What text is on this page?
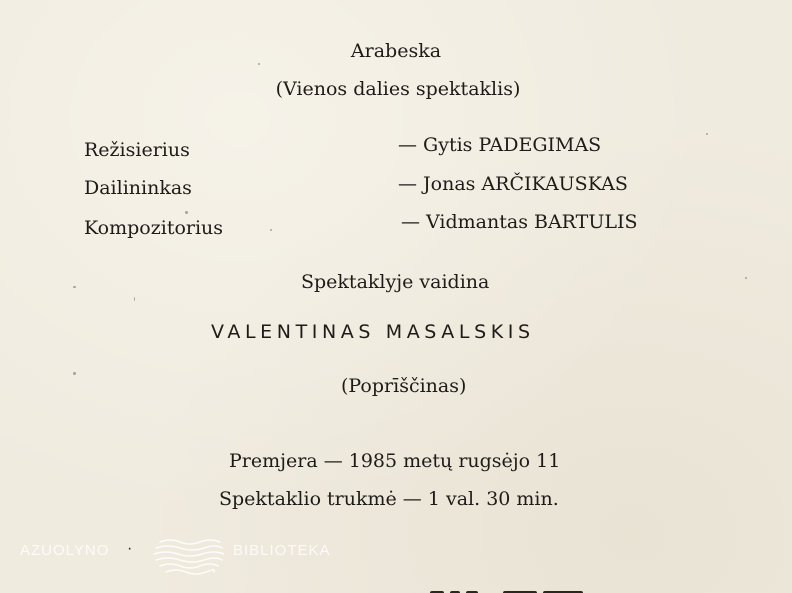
Arabeska
(Vienos dalies spektaklis)
Režisierius	— Gytis PADEGIMAS
Dailininkas	— Jonas ARČIKAUSKAS
Kompozitorius	— Vidmantas BARTULIS
Spektaklyje vaidina
VALENTINAS MASALSKIS
(Poprīščinas)
Premjera — 1985 metų rugsėjo 11
Spektaklio trukmė — 1 val. 30 min.
AZUOLYNO ·	BIBLIOTEKA
